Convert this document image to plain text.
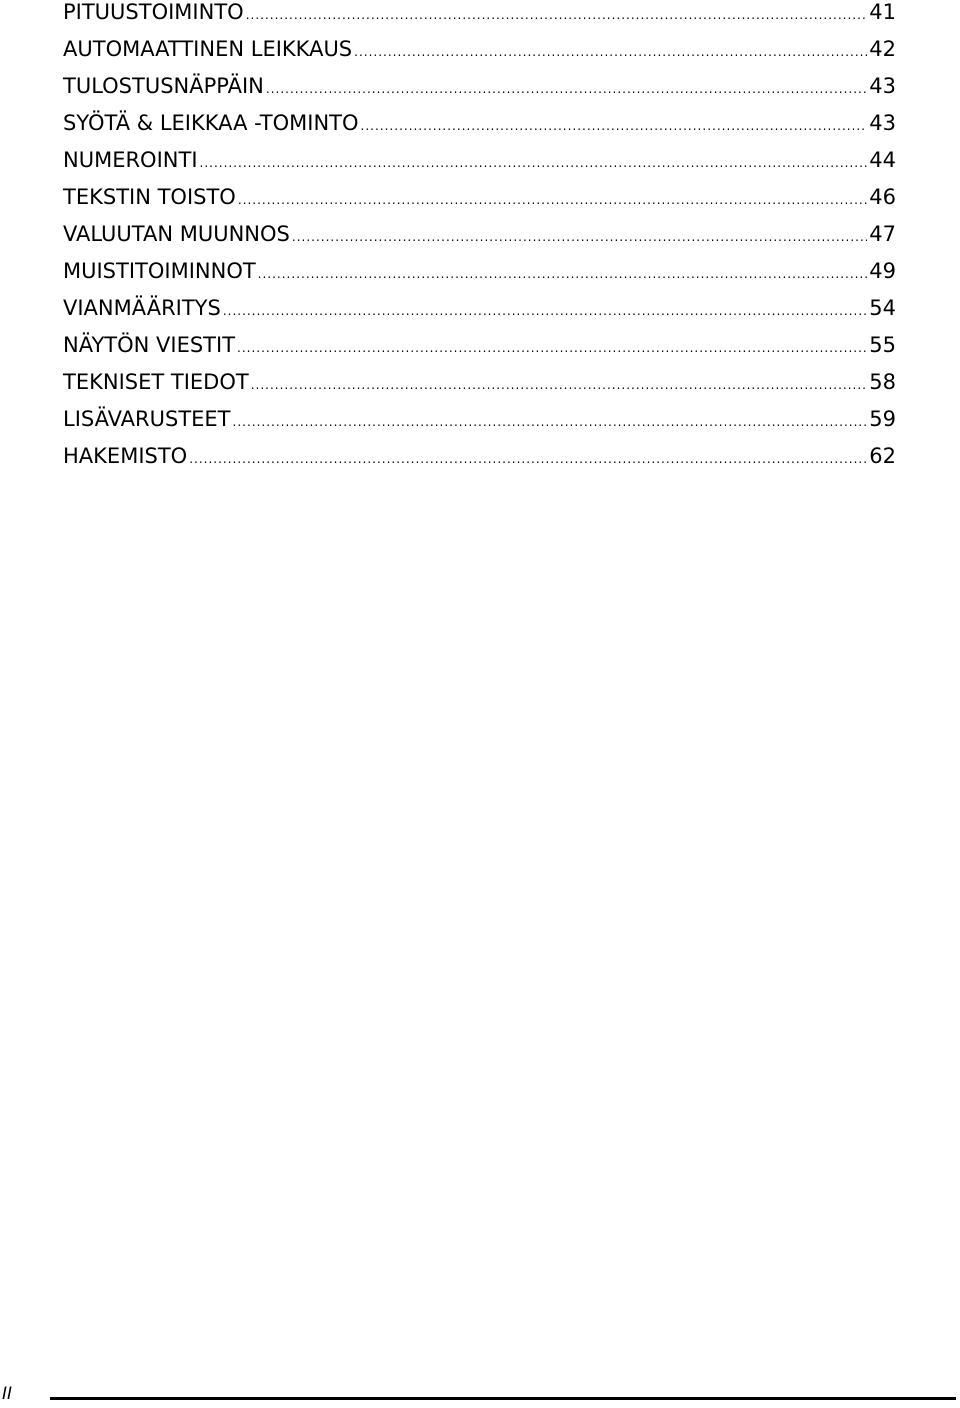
PITUUSTOIMINTO .....	41
AUTOMAATTINEN LEIKKAUS .....	42
TULOSTUSNÄPPÄIN .....	43
SYÖTÄ & LEIKKAA -TOMINTO .....	43
NUMEROINTI .....	44
TEKSTIN TOISTO .....	46
VALUUTAN MUUNNOS .....	47
MUISTITOIMINNOT .....	49
VIANMÄÄRITYS .....	54
NÄYTÖN VIESTIT .....	55
TEKNISET TIEDOT .....	58
LISÄVARUSTEET .....	59
HAKEMISTO .....	62
II
